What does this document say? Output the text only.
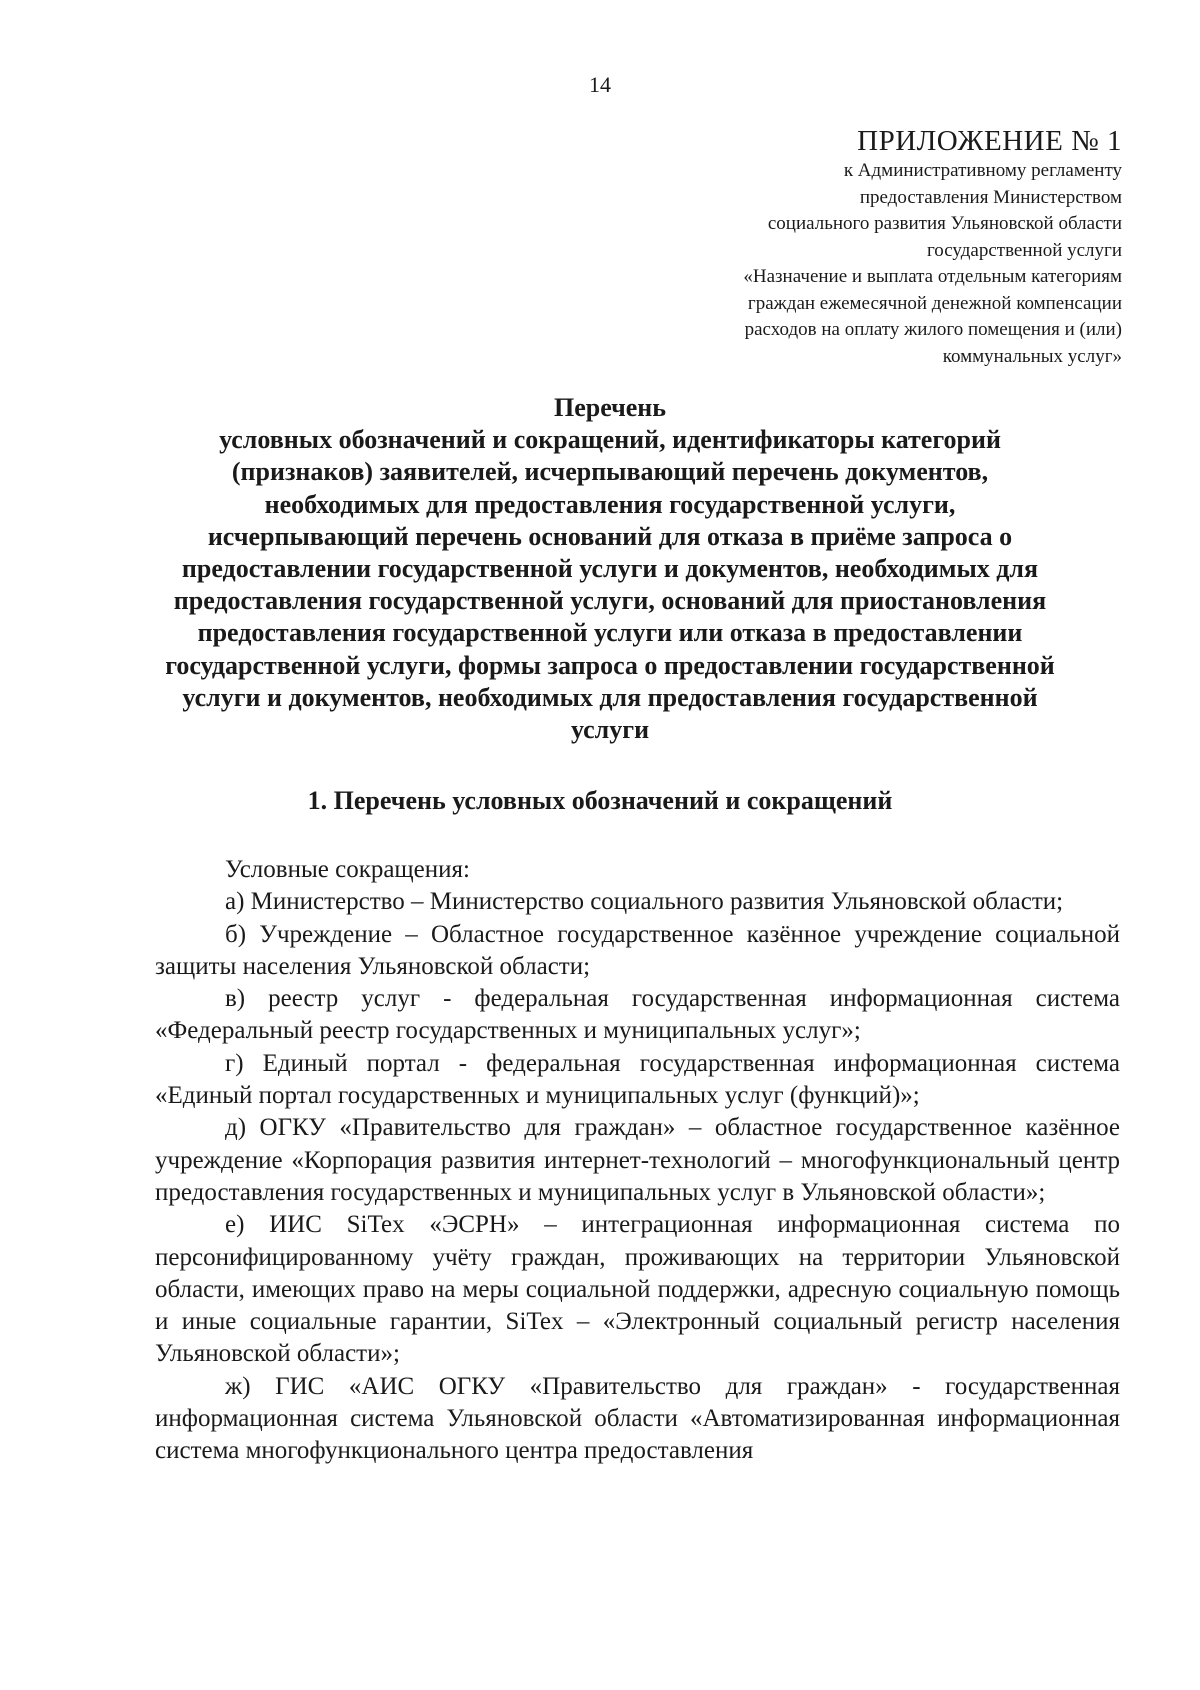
14
ПРИЛОЖЕНИЕ № 1
к Административному регламенту
предоставления Министерством
социального развития Ульяновской области
государственной услуги
«Назначение и выплата отдельным категориям
граждан ежемесячной денежной компенсации
расходов на оплату жилого помещения и (или)
коммунальных услуг»
Перечень
условных обозначений и сокращений, идентификаторы категорий
(признаков) заявителей, исчерпывающий перечень документов,
необходимых для предоставления государственной услуги,
исчерпывающий перечень оснований для отказа в приёме запроса о
предоставлении государственной услуги и документов, необходимых для
предоставления государственной услуги, оснований для приостановления
предоставления государственной услуги или отказа в предоставлении
государственной услуги, формы запроса о предоставлении государственной
услуги и документов, необходимых для предоставления государственной
услуги
1. Перечень условных обозначений и сокращений

Условные сокращения:

а) Министерство – Министерство социального развития Ульяновской области;

б) Учреждение – Областное государственное казённое учреждение социальной защиты населения Ульяновской области;

в) реестр услуг - федеральная государственная информационная система «Федеральный реестр государственных и муниципальных услуг»;

г) Единый портал - федеральная государственная информационная система «Единый портал государственных и муниципальных услуг (функций)»;

д) ОГКУ «Правительство для граждан» – областное государственное казённое учреждение «Корпорация развития интернет-технологий – многофункциональный центр предоставления государственных и муниципальных услуг в Ульяновской области»;

е) ИИС SiTex «ЭСРН» – интеграционная информационная система по персонифицированному учёту граждан, проживающих на территории Ульяновской области, имеющих право на меры социальной поддержки, адресную социальную помощь и иные социальные гарантии, SiTex – «Электронный социальный регистр населения Ульяновской области»;

ж) ГИС «АИС ОГКУ «Правительство для граждан» - государственная информационная система Ульяновской области «Автоматизированная информационная система многофункционального центра предоставления
